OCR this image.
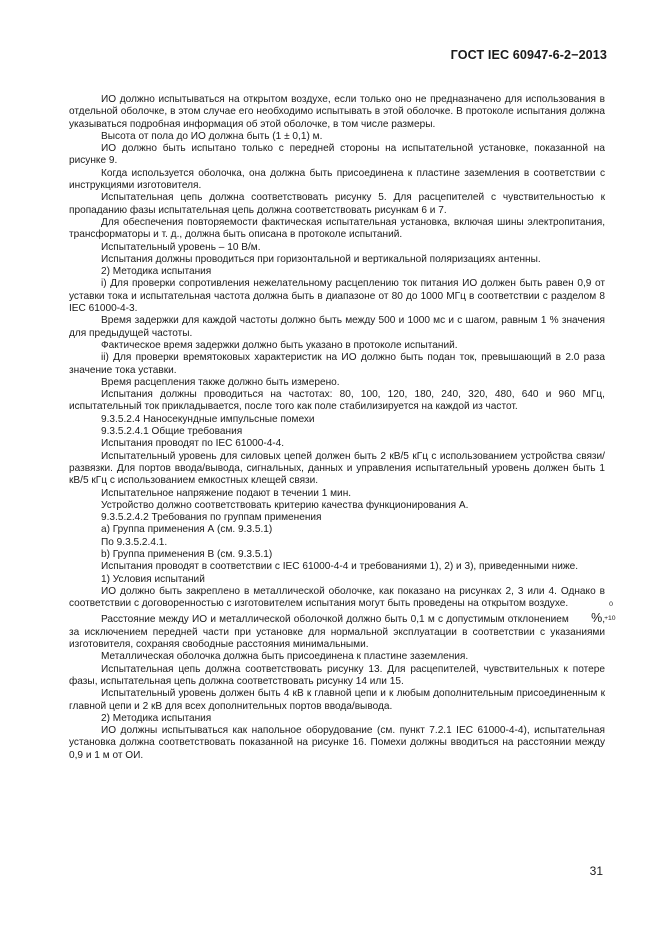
ГОСТ IEC 60947-6-2−2013

ИО должно испытываться на открытом воздухе, если только оно не предназначено для использования в отдельной оболочке, в этом случае его необходимо испытывать в этой оболочке. В протоколе испытания должна указываться подробная информация об этой оболочке, в том числе размеры.

Высота от пола до ИО должна быть (1 ± 0,1) м.

ИО должно быть испытано только с передней стороны на испытательной установке, показанной на рисунке 9.

Когда используется оболочка, она должна быть присоединена к пластине заземления в соответствии с инструкциями изготовителя.

Испытательная цепь должна соответствовать рисунку 5. Для расцепителей с чувствительностью к пропаданию фазы испытательная цепь должна соответствовать рисункам 6 и 7.

Для обеспечения повторяемости фактическая испытательная установка, включая шины электропитания, трансформаторы и т. д., должна быть описана в протоколе испытаний.

Испытательный уровень – 10 В/м.

Испытания должны проводиться при горизонтальной и вертикальной поляризациях антенны.

2) Методика испытания

i) Для проверки сопротивления нежелательному расцеплению ток питания ИО должен быть равен 0,9 от уставки тока и испытательная частота должна быть в диапазоне от 80 до 1000 МГц в соответствии с разделом 8 IEC 61000-4-3.

Время задержки для каждой частоты должно быть между 500 и 1000 мс и с шагом, равным 1 % значения для предыдущей частоты.

Фактическое время задержки должно быть указано в протоколе испытаний.

ii) Для проверки времятоковых характеристик на ИО должно быть подан ток, превышающий в 2.0 раза значение тока уставки.

Время расцепления также должно быть измерено.

Испытания должны проводиться на частотах: 80, 100, 120, 180, 240, 320, 480, 640 и 960 МГц, испытательный ток прикладывается, после того как поле стабилизируется на каждой из частот.

9.3.5.2.4 Наносекундные импульсные помехи

9.3.5.2.4.1 Общие требования

Испытания проводят по IEC 61000-4-4.

Испытательный уровень для силовых цепей должен быть 2 кВ/5 кГц с использованием устройства связи/развязки. Для портов ввода/вывода, сигнальных, данных и управления испытательный уровень должен быть 1 кВ/5 кГц с использованием емкостных клещей связи.

Испытательное напряжение подают в течении 1 мин.

Устройство должно соответствовать критерию качества функционирования А.

9.3.5.2.4.2 Требования по группам применения

а) Группа применения А (см. 9.3.5.1)

По 9.3.5.2.4.1.

b) Группа применения В (см. 9.3.5.1)

Испытания проводят в соответствии с IEC 61000-4-4 и требованиями 1), 2) и 3), приведенными ниже.

1) Условия испытаний

ИО должно быть закреплено в металлической оболочке, как показано на рисунках 2, 3 или 4. Однако в соответствии с договоренностью с изготовителем испытания могут быть проведены на открытом воздухе.

Расстояние между ИО и металлической оболочкой должно быть 0,1 м с допустимым отклонением
0
+10
%, за исключением передней части при установке для нормальной эксплуатации в соответствии с указаниями изготовителя, сохраняя свободные расстояния минимальными.

Металлическая оболочка должна быть присоединена к пластине заземления.

Испытательная цепь должна соответствовать рисунку 13. Для расцепителей, чувствительных к потере фазы, испытательная цепь должна соответствовать рисунку 14 или 15.

Испытательный уровень должен быть 4 кВ к главной цепи и к любым дополнительным присоединенным к главной цепи и 2 кВ для всех дополнительных портов ввода/вывода.

2) Методика испытания

ИО должны испытываться как напольное оборудование (см. пункт 7.2.1 IEC 61000-4-4), испытательная установка должна соответствовать показанной на рисунке 16. Помехи должны вводиться на расстоянии между 0,9 и 1 м от ОИ.

31
